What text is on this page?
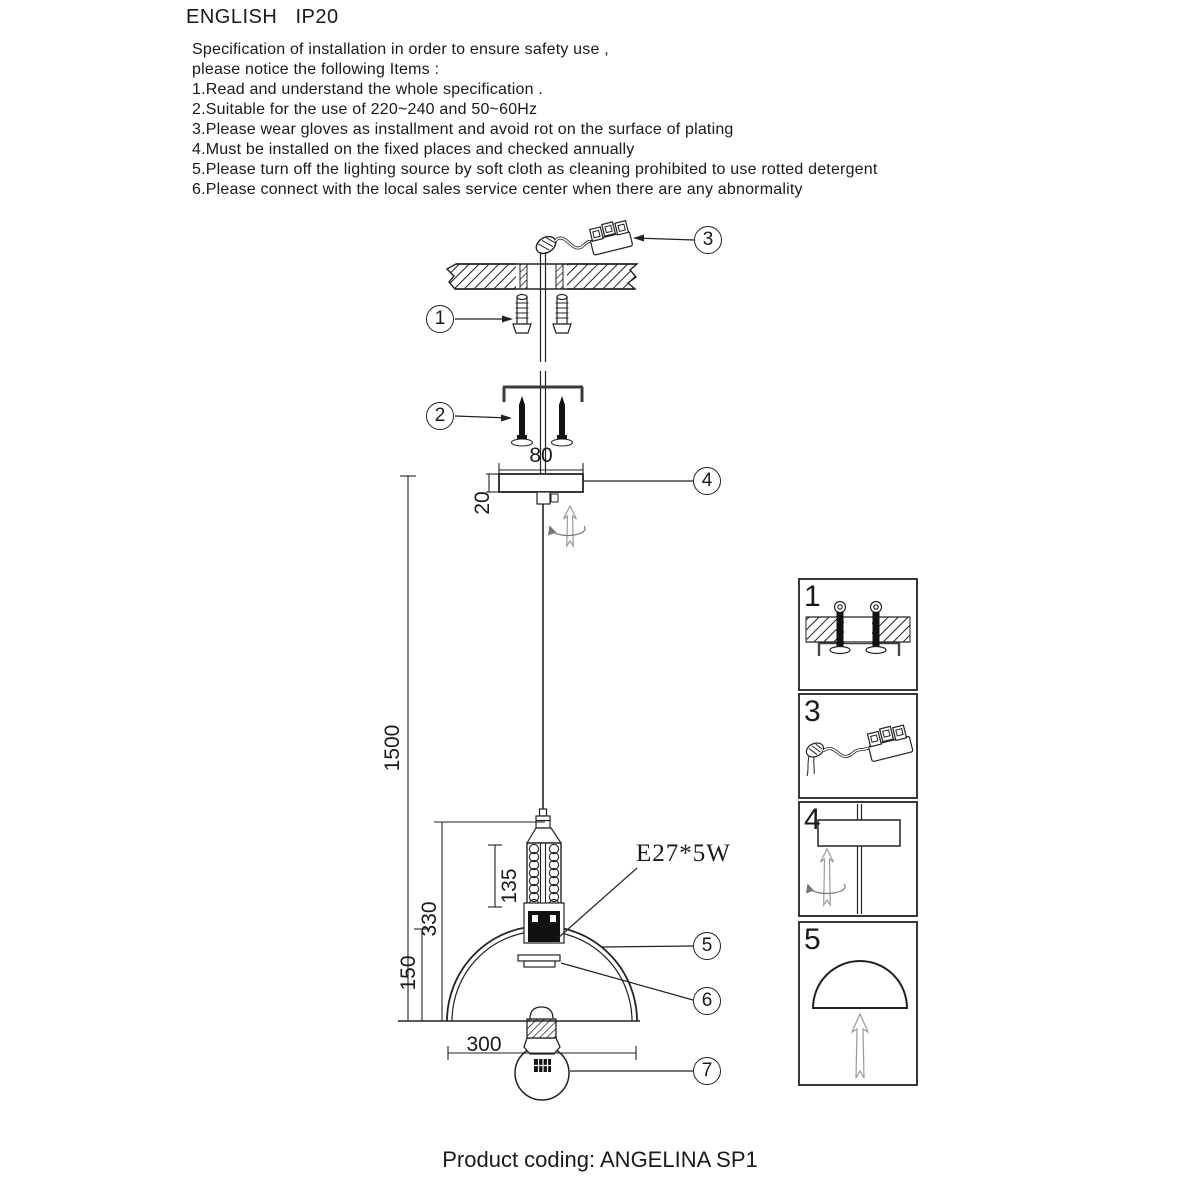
ENGLISH   IP20
Specification of installation in order to ensure safety use ,
please notice the following Items :
1.Read and understand the whole specification .
2.Suitable for the use of 220~240 and 50~60Hz
3.Please wear gloves as installment and avoid rot on the surface of plating
4.Must be installed on the fixed places and checked annually
5.Please turn off the lighting source by soft cloth as cleaning prohibited to use rotted detergent
6.Please connect with the local sales service center when there are any abnormality
80
20
1500
135
330
150
300
E27*5W
1
2
3
4
5
6
7
1
3
4
5
Product coding: ANGELINA SP1
